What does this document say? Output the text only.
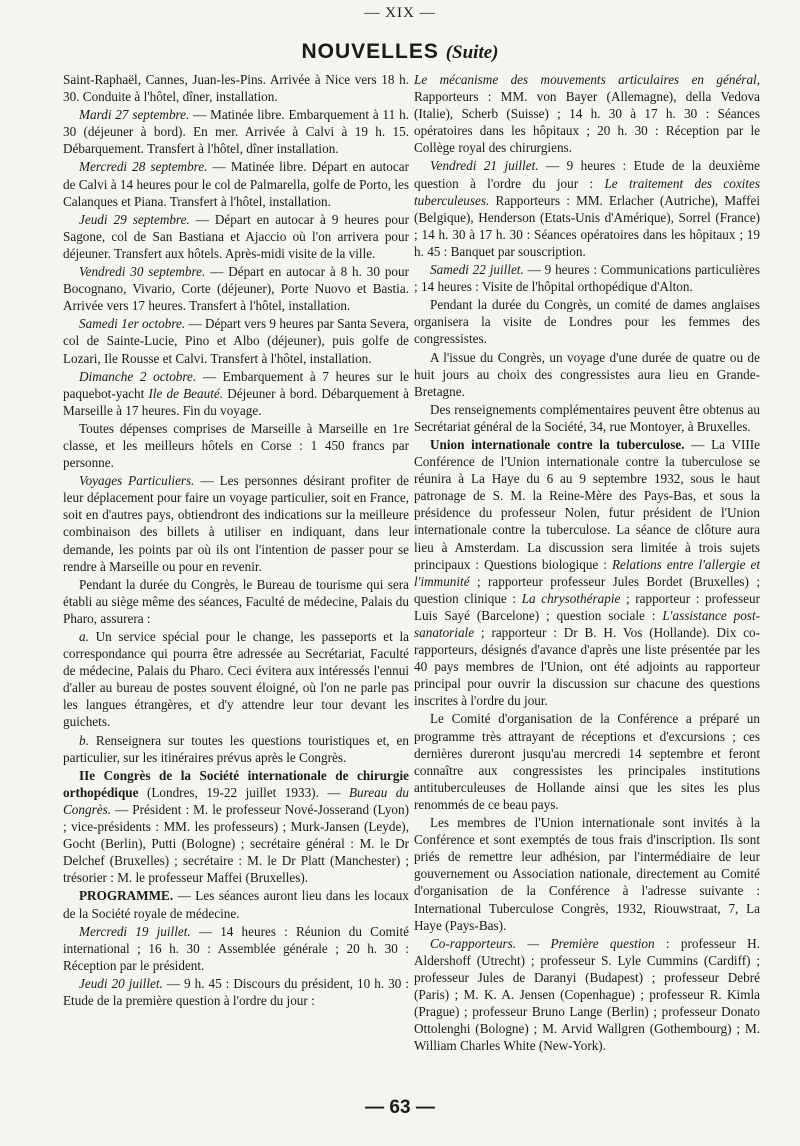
— XIX —
NOUVELLES (Suite)

Saint-Raphaël, Cannes, Juan-les-Pins. Arrivée à Nice vers 18 h. 30. Conduite à l'hôtel, dîner, installation.

Mardi 27 septembre. — Matinée libre. Embarquement à 11 h. 30 (déjeuner à bord). En mer. Arrivée à Calvi à 19 h. 15. Débarquement. Transfert à l'hôtel, dîner installation.

Mercredi 28 septembre. — Matinée libre. Départ en autocar de Calvi à 14 heures pour le col de Palmarella, golfe de Porto, les Calanques et Piana. Transfert à l'hôtel, installation.

Jeudi 29 septembre. — Départ en autocar à 9 heures pour Sagone, col de San Bastiana et Ajaccio où l'on arrivera pour déjeuner. Transfert aux hôtels. Après-midi visite de la ville.

Vendredi 30 septembre. — Départ en autocar à 8 h. 30 pour Bocognano, Vivario, Corte (déjeuner), Porte Nuovo et Bastia. Arrivée vers 17 heures. Transfert à l'hôtel, installation.

Samedi 1er octobre. — Départ vers 9 heures par Santa Severa, col de Sainte-Lucie, Pino et Albo (déjeuner), puis golfe de Lozari, Ile Rousse et Calvi. Transfert à l'hôtel, installation.

Dimanche 2 octobre. — Embarquement à 7 heures sur le paquebot-yacht Ile de Beauté. Déjeuner à bord. Débarquement à Marseille à 17 heures. Fin du voyage.

Toutes dépenses comprises de Marseille à Marseille en 1re classe, et les meilleurs hôtels en Corse : 1 450 francs par personne.

Voyages Particuliers. — Les personnes désirant profiter de leur déplacement pour faire un voyage particulier, soit en France, soit en d'autres pays, obtiendront des indications sur la meilleure combinaison des billets à utiliser en indiquant, dans leur demande, les points par où ils ont l'intention de passer pour se rendre à Marseille ou pour en revenir.

Pendant la durée du Congrès, le Bureau de tourisme qui sera établi au siège même des séances, Faculté de médecine, Palais du Pharo, assurera :

a. Un service spécial pour le change, les passeports et la correspondance qui pourra être adressée au Secrétariat, Faculté de médecine, Palais du Pharo. Ceci évitera aux intéressés l'ennui d'aller au bureau de postes souvent éloigné, où l'on ne parle pas les langues étrangères, et d'y attendre leur tour devant les guichets.

b. Renseignera sur toutes les questions touristiques et, en particulier, sur les itinéraires prévus après le Congrès.

IIe Congrès de la Société internationale de chirurgie orthopédique (Londres, 19-22 juillet 1933). — Bureau du Congrès. — Président : M. le professeur Nové-Josserand (Lyon) ; vice-présidents : MM. les professeurs) ; Murk-Jansen (Leyde), Gocht (Berlin), Putti (Bologne) ; secrétaire général : M. le Dr Delchef (Bruxelles) ; secrétaire : M. le Dr Platt (Manchester) ; trésorier : M. le professeur Maffei (Bruxelles).

PROGRAMME. — Les séances auront lieu dans les locaux de la Société royale de médecine.

Mercredi 19 juillet. — 14 heures : Réunion du Comité international ; 16 h. 30 : Assemblée générale ; 20 h. 30 : Réception par le président.

Jeudi 20 juillet. — 9 h. 45 : Discours du président, 10 h. 30 : Etude de la première question à l'ordre du jour :

Le mécanisme des mouvements articulaires en général, Rapporteurs : MM. von Bayer (Allemagne), della Vedova (Italie), Scherb (Suisse) ; 14 h. 30 à 17 h. 30 : Séances opératoires dans les hôpitaux ; 20 h. 30 : Réception par le Collège royal des chirurgiens.

Vendredi 21 juillet. — 9 heures : Etude de la deuxième question à l'ordre du jour : Le traitement des coxites tuberculeuses. Rapporteurs : MM. Erlacher (Autriche), Maffei (Belgique), Henderson (Etats-Unis d'Amérique), Sorrel (France) ; 14 h. 30 à 17 h. 30 : Séances opératoires dans les hôpitaux ; 19 h. 45 : Banquet par souscription.

Samedi 22 juillet. — 9 heures : Communications particulières ; 14 heures : Visite de l'hôpital orthopédique d'Alton.

Pendant la durée du Congrès, un comité de dames anglaises organisera la visite de Londres pour les femmes des congressistes.

A l'issue du Congrès, un voyage d'une durée de quatre ou de huit jours au choix des congressistes aura lieu en Grande-Bretagne.

Des renseignements complémentaires peuvent être obtenus au Secrétariat général de la Société, 34, rue Montoyer, à Bruxelles.

Union internationale contre la tuberculose. — La VIIIe Conférence de l'Union internationale contre la tuberculose se réunira à La Haye du 6 au 9 septembre 1932, sous le haut patronage de S. M. la Reine-Mère des Pays-Bas, et sous la présidence du professeur Nolen, futur président de l'Union internationale contre la tuberculose. La séance de clôture aura lieu à Amsterdam. La discussion sera limitée à trois sujets principaux : Questions biologique : Relations entre l'allergie et l'immunité ; rapporteur professeur Jules Bordet (Bruxelles) ; question clinique : La chrysothérapie ; rapporteur : professeur Luis Sayé (Barcelone) ; question sociale : L'assistance post-sanatoriale ; rapporteur : Dr B. H. Vos (Hollande). Dix co-rapporteurs, désignés d'avance d'après une liste présentée par les 40 pays membres de l'Union, ont été adjoints au rapporteur principal pour ouvrir la discussion sur chacune des questions inscrites à l'ordre du jour.

Le Comité d'organisation de la Conférence a préparé un programme très attrayant de réceptions et d'excursions ; ces dernières dureront jusqu'au mercredi 14 septembre et feront connaître aux congressistes les principales institutions antituberculeuses de Hollande ainsi que les sites les plus renommés de ce beau pays.

Les membres de l'Union internationale sont invités à la Conférence et sont exemptés de tous frais d'inscription. Ils sont priés de remettre leur adhésion, par l'intermédiaire de leur gouvernement ou Association nationale, directement au Comité d'organisation de la Conférence à l'adresse suivante : International Tuberculose Congrès, 1932, Riouwstraat, 7, La Haye (Pays-Bas).

Co-rapporteurs. — Première question : professeur H. Aldershoff (Utrecht) ; professeur S. Lyle Cummins (Cardiff) ; professeur Jules de Daranyi (Budapest) ; professeur Debré (Paris) ; M. K. A. Jensen (Copenhague) ; professeur R. Kimla (Prague) ; professeur Bruno Lange (Berlin) ; professeur Donato Ottolenghi (Bologne) ; M. Arvid Wallgren (Gothembourg) ; M. William Charles White (New-York).

— 63 —
